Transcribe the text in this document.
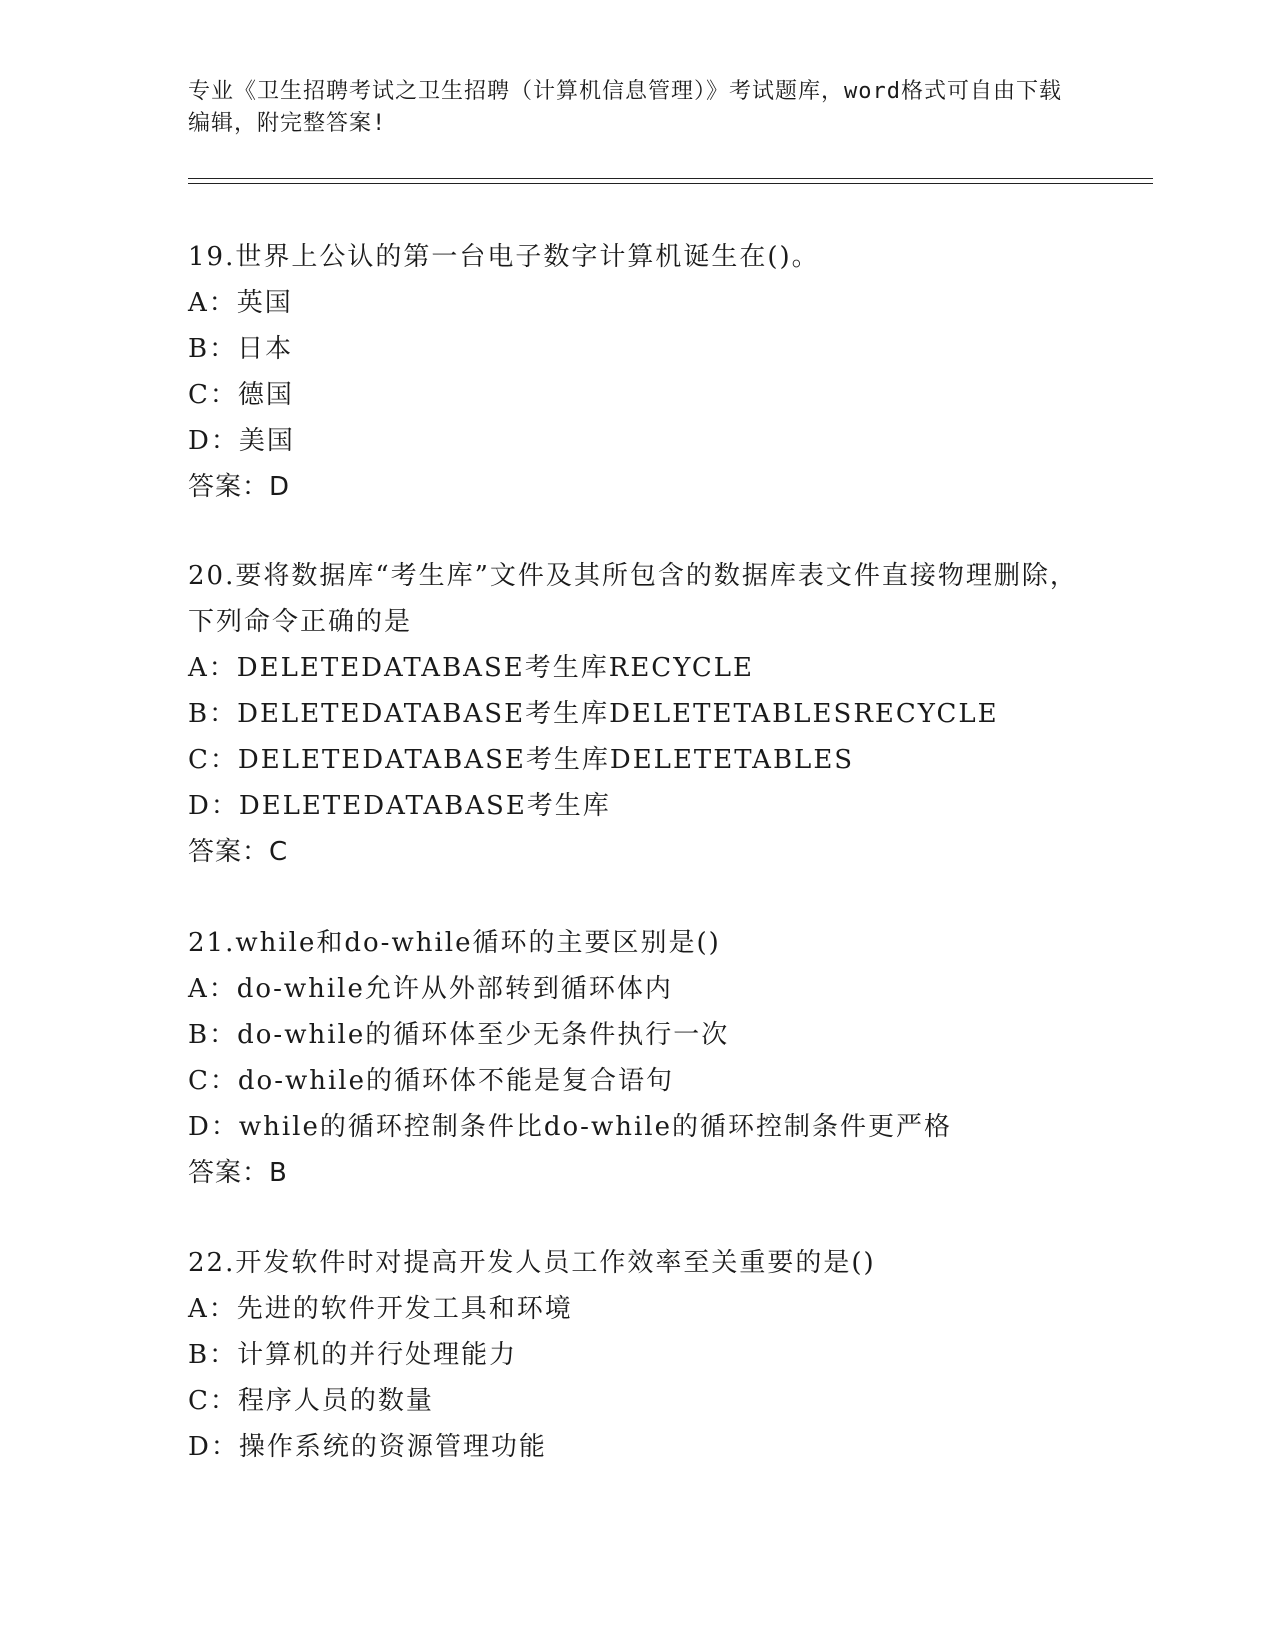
专业《卫生招聘考试之卫生招聘（计算机信息管理）》考试题库，word格式可自由下载编辑，附完整答案!
19.世界上公认的第一台电子数字计算机诞生在()。
A：英国
B：日本
C：德国
D：美国
答案：D
20.要将数据库“考生库”文件及其所包含的数据库表文件直接物理删除，下列命令正确的是
A：DELETEDATABASE考生库RECYCLE
B：DELETEDATABASE考生库DELETETABLESRECYCLE
C：DELETEDATABASE考生库DELETETABLES
D：DELETEDATABASE考生库
答案：C
21.while和do-while循环的主要区别是()
A：do-while允许从外部转到循环体内
B：do-while的循环体至少无条件执行一次
C：do-while的循环体不能是复合语句
D：while的循环控制条件比do-while的循环控制条件更严格
答案：B
22.开发软件时对提高开发人员工作效率至关重要的是()
A：先进的软件开发工具和环境
B：计算机的并行处理能力
C：程序人员的数量
D：操作系统的资源管理功能
